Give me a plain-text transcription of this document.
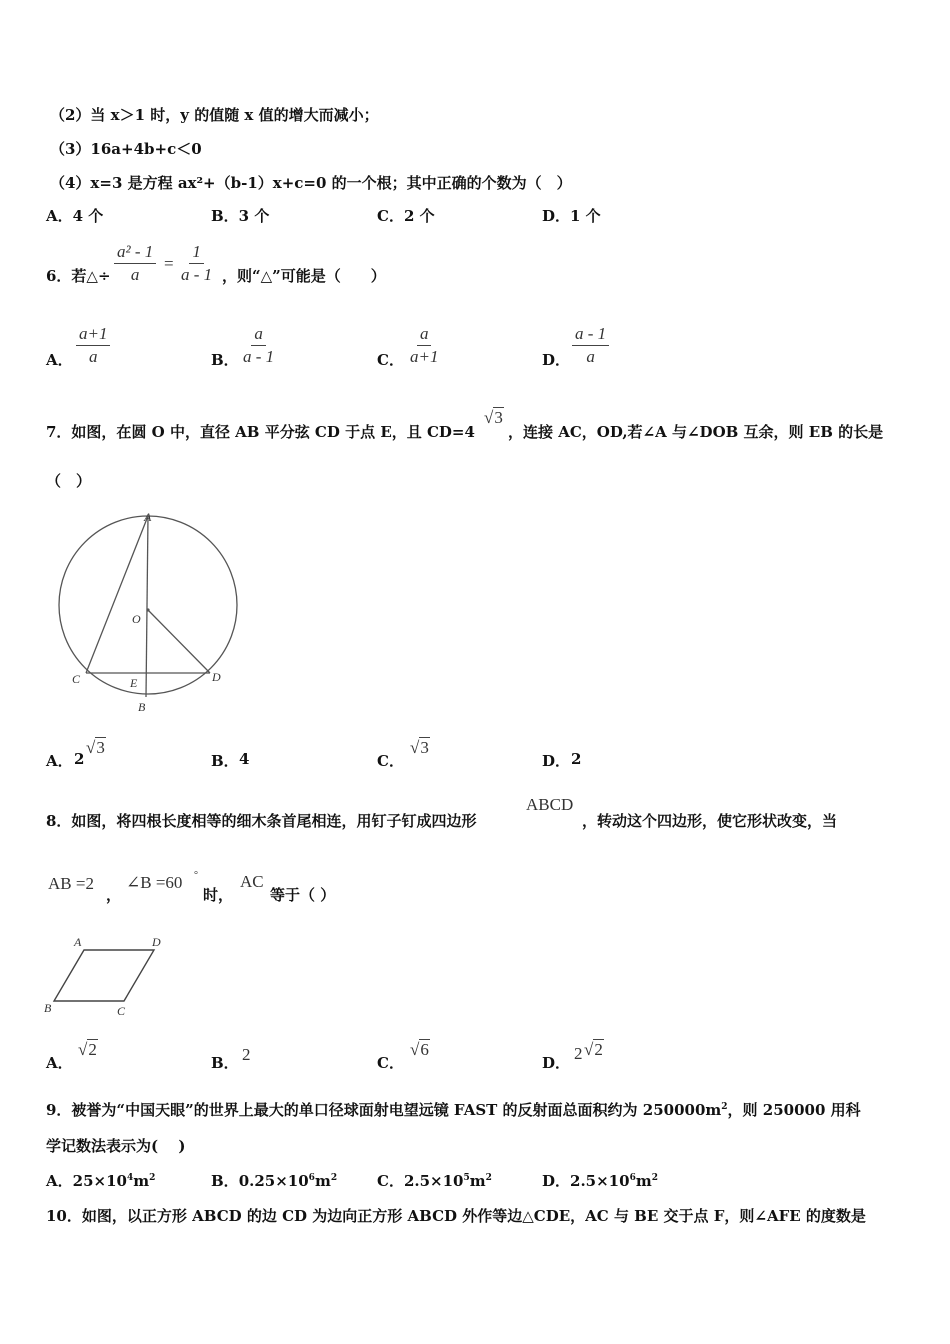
（2）当 x＞1 时，y 的值随 x 值的增大而减小；
（3）16a+4b+c＜0
（4）x=3 是方程 ax²+（b-1）x+c=0 的一个根；其中正确的个数为（　）
A．4 个	B．3 个	C．2 个	D．1 个
6．若△÷ $\frac{\text{a² - 1}}{a} = \frac{1}{a - 1}$ ，则“△”可能是（　　）
A． $\frac{a+1}{a}$	B． $\frac{a}{a - 1}$	C． $\frac{a}{a+1}$	D． $\frac{a - 1}{a}$
7．如图，在圆 O 中，直径 AB 平分弦 CD 于点 E，且 CD=4
√3
，连接 AC，OD,若∠A 与∠DOB 互余，则 EB 的长是
（　）
A
O
C	E	D
B
A． 2
√3
B． 4	C．
√3
D． 2
8．如图，将四根长度相等的细木条首尾相连，用钉子钉成四边形
ABCD
，转动这个四边形，使它形状改变，当
AB =2
，
∠B =60 °
时，
AC
等于（ ）
A	D
B	C
A．
√2
B． 2	C．
√6
D． 2 √2
9．被誉为“中国天眼”的世界上最大的单口径球面射电望远镜 FAST 的反射面总面积约为 $250000m^2$，则 250000 用科
学记数法表示为(　 )
A．$25\times 10^4m^2$	B．$0.25\times 10^6m^2$	C．$2.5\times 10^5m^2$	D．$2.5\times 10^6m^2$
10．如图，以正方形 ABCD 的边 CD 为边向正方形 ABCD 外作等边△CDE，AC 与 BE 交于点 F，则∠AFE 的度数是
